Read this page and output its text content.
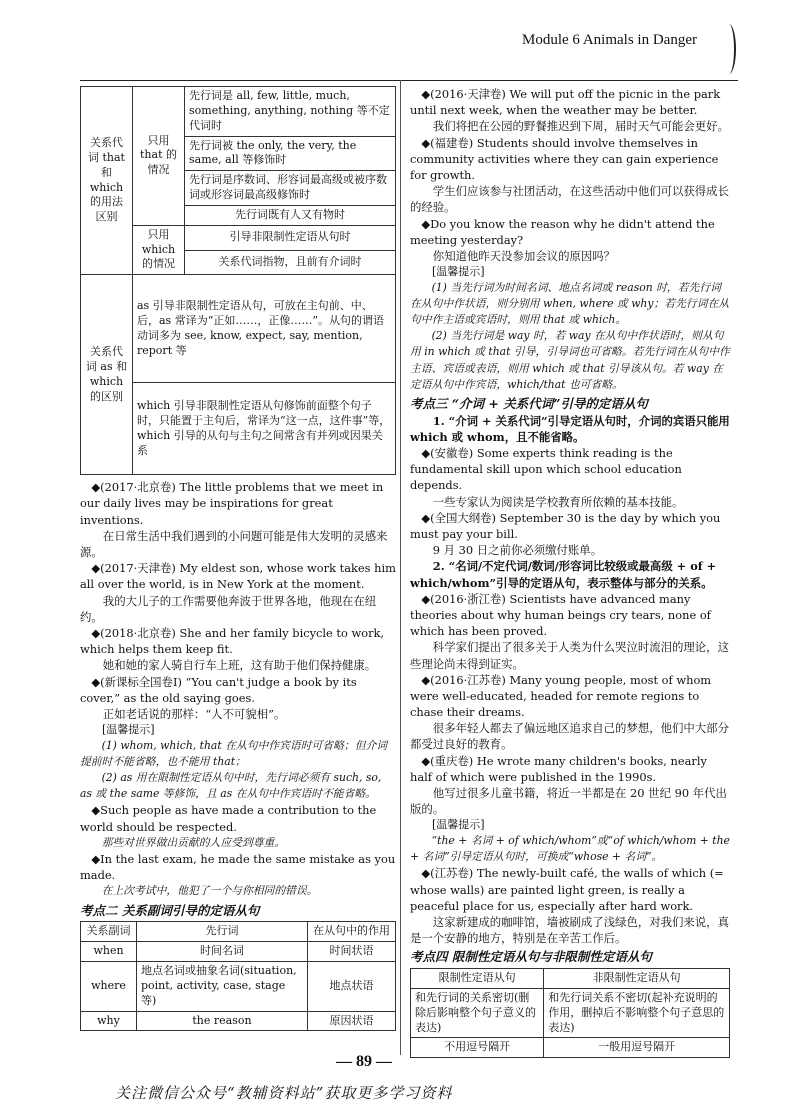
Module 6 Animals in Danger
关系代词 that 和 which 的用法区别	只用 that 的情况	先行词是 all, few, little, much, something, anything, nothing 等不定代词时
		先行词被 the only, the very, the same, all 等修饰时
		先行词是序数词、形容词最高级或被序数词或形容词最高级修饰时
		先行词既有人又有物时
	只用 which 的情况	引导非限制性定语从句时
		关系代词指物，且前有介词时
关系代词 as 和 which 的区别	as 引导非限制性定语从句，可放在主句前、中、后，as 常译为“正如……，正像……”。从句的谓语动词多为 see, know, expect, say, mention, report 等	
	which 引导非限制性定语从句修饰前面整个句子时，只能置于主句后，常译为“这一点，这件事”等，which 引导的从句与主句之间常含有并列或因果关系	

◆(2017·北京卷) The little problems that we meet in our daily lives may be inspirations for great inventions.

在日常生活中我们遇到的小问题可能是伟大发明的灵感来源。

◆(2017·天津卷) My eldest son, whose work takes him all over the world, is in New York at the moment.

我的大儿子的工作需要他奔波于世界各地，他现在在纽约。

◆(2018·北京卷) She and her family bicycle to work, which helps them keep fit.

她和她的家人骑自行车上班，这有助于他们保持健康。

◆(新课标全国卷Ⅰ) “You can't judge a book by its cover,” as the old saying goes.

正如老话说的那样：“人不可貌相”。

[温馨提示]

(1) whom, which, that 在从句中作宾语时可省略；但介词提前时不能省略，也不能用 that；

(2) as 用在限制性定语从句中时，先行词必须有 such, so, as 或 the same 等修饰，且 as 在从句中作宾语时不能省略。

◆Such people as have made a contribution to the world should be respected.

那些对世界做出贡献的人应受到尊重。

◆In the last exam, he made the same mistake as you made.

在上次考试中，他犯了一个与你相同的错误。

考点二 关系副词引导的定语从句

关系副词	先行词	在从句中的作用
when	时间名词	时间状语
where	地点名词或抽象名词(situation, point, activity, case, stage 等)	地点状语
why	the reason	原因状语

◆(2016·天津卷) We will put off the picnic in the park until next week, when the weather may be better.

我们将把在公园的野餐推迟到下周，届时天气可能会更好。

◆(福建卷) Students should involve themselves in community activities where they can gain experience for growth.

学生们应该参与社团活动，在这些活动中他们可以获得成长的经验。

◆Do you know the reason why he didn't attend the meeting yesterday?

你知道他昨天没参加会议的原因吗？

[温馨提示]

(1) 当先行词为时间名词、地点名词或 reason 时，若先行词在从句中作状语，则分别用 when, where 或 why；若先行词在从句中作主语或宾语时，则用 that 或 which。

(2) 当先行词是 way 时，若 way 在从句中作状语时，则从句用 in which 或 that 引导，引导词也可省略。若先行词在从句中作主语、宾语或表语，则用 which 或 that 引导该从句。若 way 在定语从句中作宾语，which/that 也可省略。

考点三 “介词 + 关系代词”引导的定语从句

1. “介词 + 关系代词”引导定语从句时，介词的宾语只能用 which 或 whom，且不能省略。

◆(安徽卷) Some experts think reading is the fundamental skill upon which school education depends.

一些专家认为阅读是学校教育所依赖的基本技能。

◆(全国大纲卷) September 30 is the day by which you must pay your bill.

9 月 30 日之前你必须缴付账单。

2. “名词/不定代词/数词/形容词比较级或最高级 + of + which/whom”引导的定语从句，表示整体与部分的关系。

◆(2016·浙江卷) Scientists have advanced many theories about why human beings cry tears, none of which has been proved.

科学家们提出了很多关于人类为什么哭泣时流泪的理论，这些理论尚未得到证实。

◆(2016·江苏卷) Many young people, most of whom were well-educated, headed for remote regions to chase their dreams.

很多年轻人都去了偏远地区追求自己的梦想，他们中大部分都受过良好的教育。

◆(重庆卷) He wrote many children's books, nearly half of which were published in the 1990s.

他写过很多儿童书籍，将近一半都是在 20 世纪 90 年代出版的。

[温馨提示]

“the + 名词 + of which/whom”或“of which/whom + the + 名词”引导定语从句时，可换成“whose + 名词”。

◆(江苏卷) The newly-built café, the walls of which (= whose walls) are painted light green, is really a peaceful place for us, especially after hard work.

这家新建成的咖啡馆，墙被刷成了浅绿色，对我们来说，真是一个安静的地方，特别是在辛苦工作后。

考点四 限制性定语从句与非限制性定语从句

限制性定语从句	非限制性定语从句
和先行词的关系密切(删除后影响整个句子意义的表达)	和先行词关系不密切(起补充说明的作用，删掉后不影响整个句子意思的表达)
不用逗号隔开	一般用逗号隔开
— 89 —
关注微信公众号“教辅资料站”获取更多学习资料
